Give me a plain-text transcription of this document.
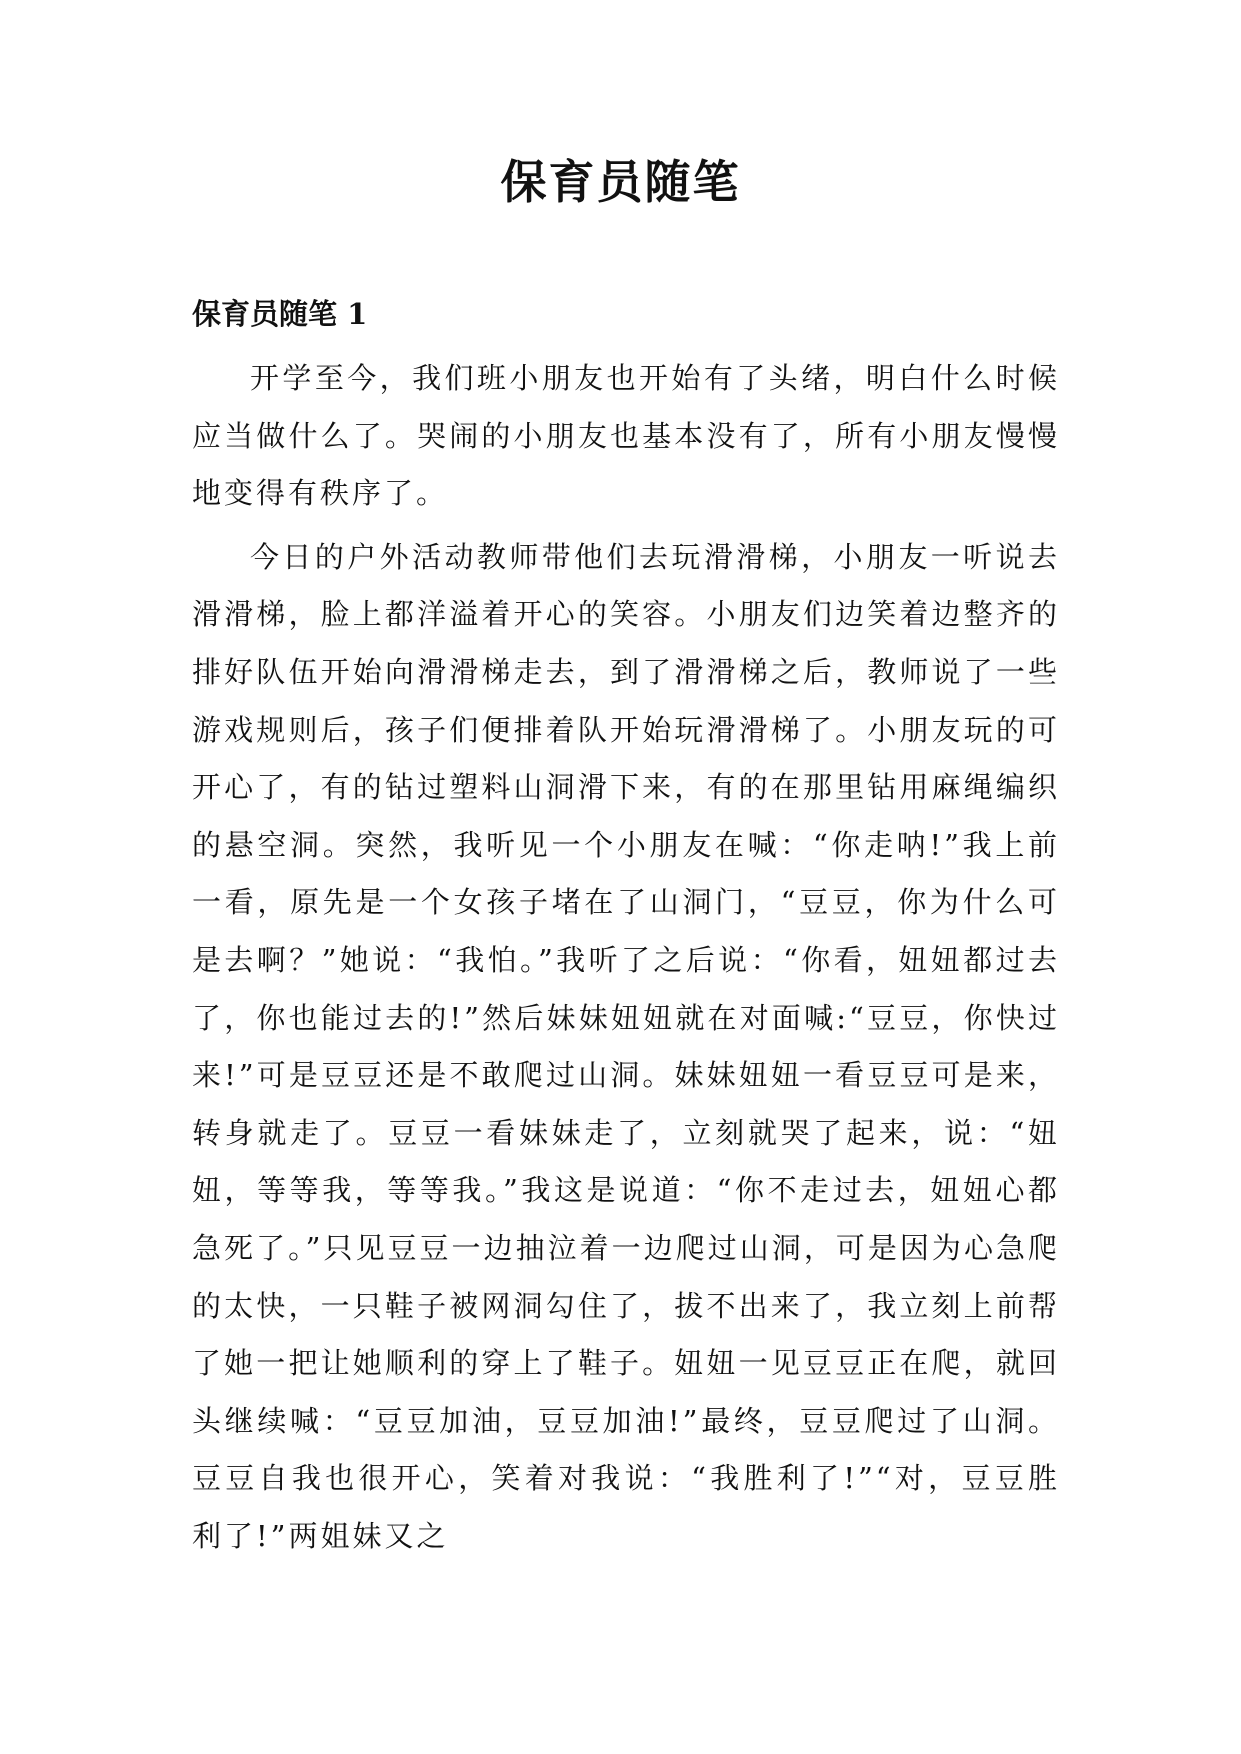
保育员随笔
保育员随笔 1

开学至今，我们班小朋友也开始有了头绪，明白什么时候应当做什么了。哭闹的小朋友也基本没有了，所有小朋友慢慢地变得有秩序了。

今日的户外活动教师带他们去玩滑滑梯，小朋友一听说去滑滑梯，脸上都洋溢着开心的笑容。小朋友们边笑着边整齐的排好队伍开始向滑滑梯走去，到了滑滑梯之后，教师说了一些游戏规则后，孩子们便排着队开始玩滑滑梯了。小朋友玩的可开心了，有的钻过塑料山洞滑下来，有的在那里钻用麻绳编织的悬空洞。突然，我听见一个小朋友在喊：“你走呐!”我上前一看，原先是一个女孩子堵在了山洞门，“豆豆，你为什么可是去啊？”她说：“我怕。”我听了之后说：“你看，妞妞都过去了，你也能过去的!”然后妹妹妞妞就在对面喊:“豆豆，你快过来!”可是豆豆还是不敢爬过山洞。妹妹妞妞一看豆豆可是来，转身就走了。豆豆一看妹妹走了，立刻就哭了起来，说：“妞妞，等等我，等等我。”我这是说道：“你不走过去，妞妞心都急死了。”只见豆豆一边抽泣着一边爬过山洞，可是因为心急爬的太快，一只鞋子被网洞勾住了，拔不出来了，我立刻上前帮了她一把让她顺利的穿上了鞋子。妞妞一见豆豆正在爬，就回头继续喊：“豆豆加油，豆豆加油!”最终，豆豆爬过了山洞。豆豆自我也很开心，笑着对我说：“我胜利了!”“对，豆豆胜利了!”两姐妹又之
